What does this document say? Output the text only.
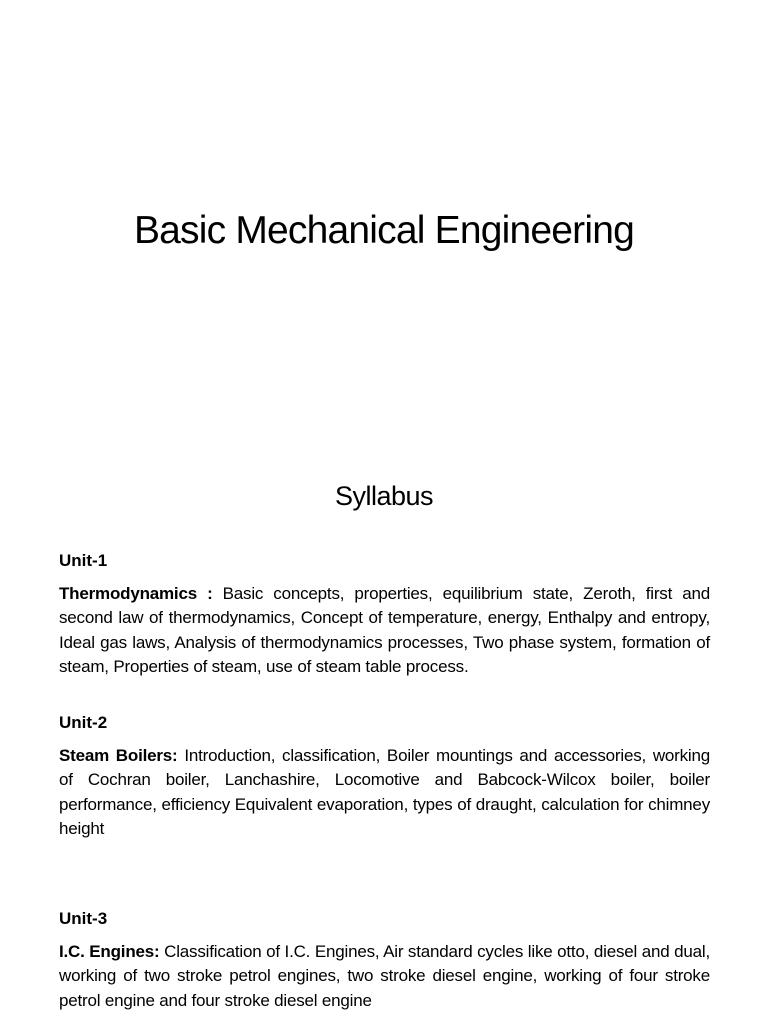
Basic Mechanical Engineering
Syllabus
Unit-1
Thermodynamics : Basic concepts, properties, equilibrium state, Zeroth, first and second law of thermodynamics, Concept of temperature, energy, Enthalpy and entropy, Ideal gas laws, Analysis of thermodynamics processes, Two phase system, formation of steam, Properties of steam, use of steam table process.
Unit-2
Steam Boilers: Introduction, classification, Boiler mountings and accessories, working of Cochran boiler, Lanchashire, Locomotive and Babcock-Wilcox boiler, boiler performance, efficiency Equivalent evaporation, types of draught, calculation for chimney height
Unit-3
I.C. Engines: Classification of I.C. Engines, Air standard cycles like otto, diesel and dual, working of two stroke petrol engines, two stroke diesel engine, working of four stroke petrol engine and four stroke diesel engine
